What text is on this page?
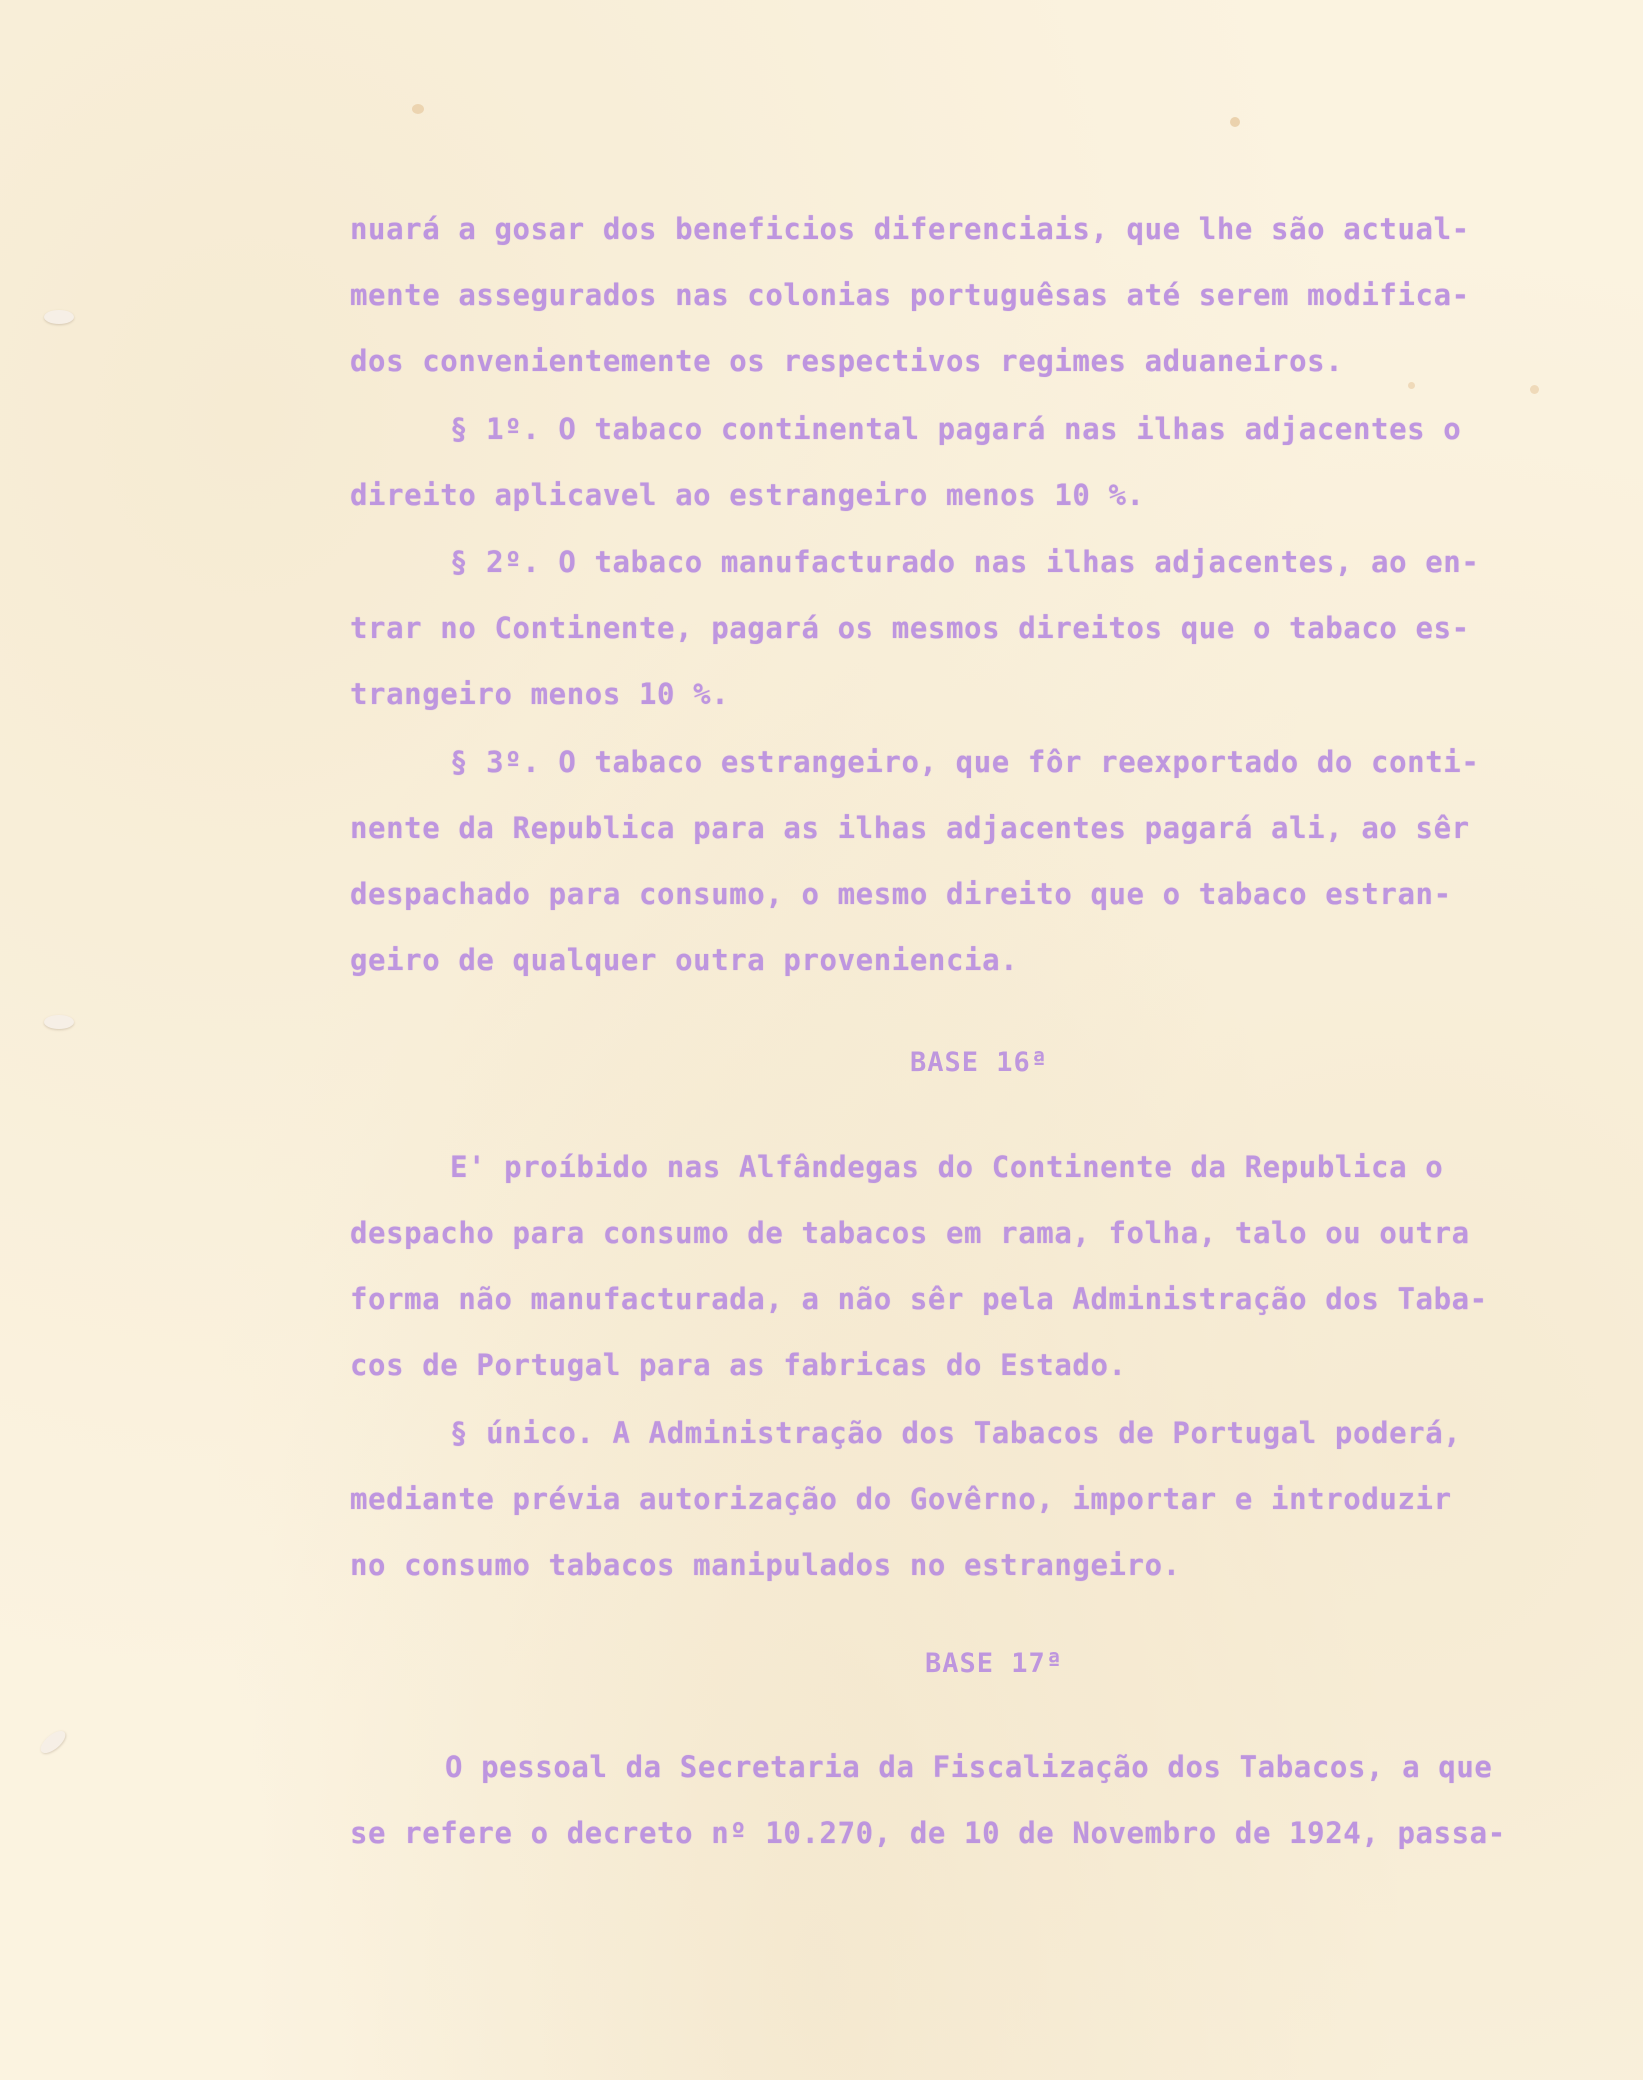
nuará a gosar dos beneficios diferenciais, que lhe são actual-
mente assegurados nas colonias portuguêsas até serem modifica-
dos convenientemente os respectivos regimes aduaneiros.
§ 1º. O tabaco continental pagará nas ilhas adjacentes o
direito aplicavel ao estrangeiro menos 10 %.
§ 2º. O tabaco manufacturado nas ilhas adjacentes, ao en-
trar no Continente, pagará os mesmos direitos que o tabaco es-
trangeiro menos 10 %.
§ 3º. O tabaco estrangeiro, que fôr reexportado do conti-
nente da Republica para as ilhas adjacentes pagará ali, ao sêr
despachado para consumo, o mesmo direito que o tabaco estran-
geiro de qualquer outra proveniencia.
BASE 16ª
E' proíbido nas Alfândegas do Continente da Republica o
despacho para consumo de tabacos em rama, folha, talo ou outra
forma não manufacturada, a não sêr pela Administração dos Taba-
cos de Portugal para as fabricas do Estado.
§ único. A Administração dos Tabacos de Portugal poderá,
mediante prévia autorização do Govêrno, importar e introduzir
no consumo tabacos manipulados no estrangeiro.
BASE 17ª
O pessoal da Secretaria da Fiscalização dos Tabacos, a que
se refere o decreto nº 10.270, de 10 de Novembro de 1924, passa-
